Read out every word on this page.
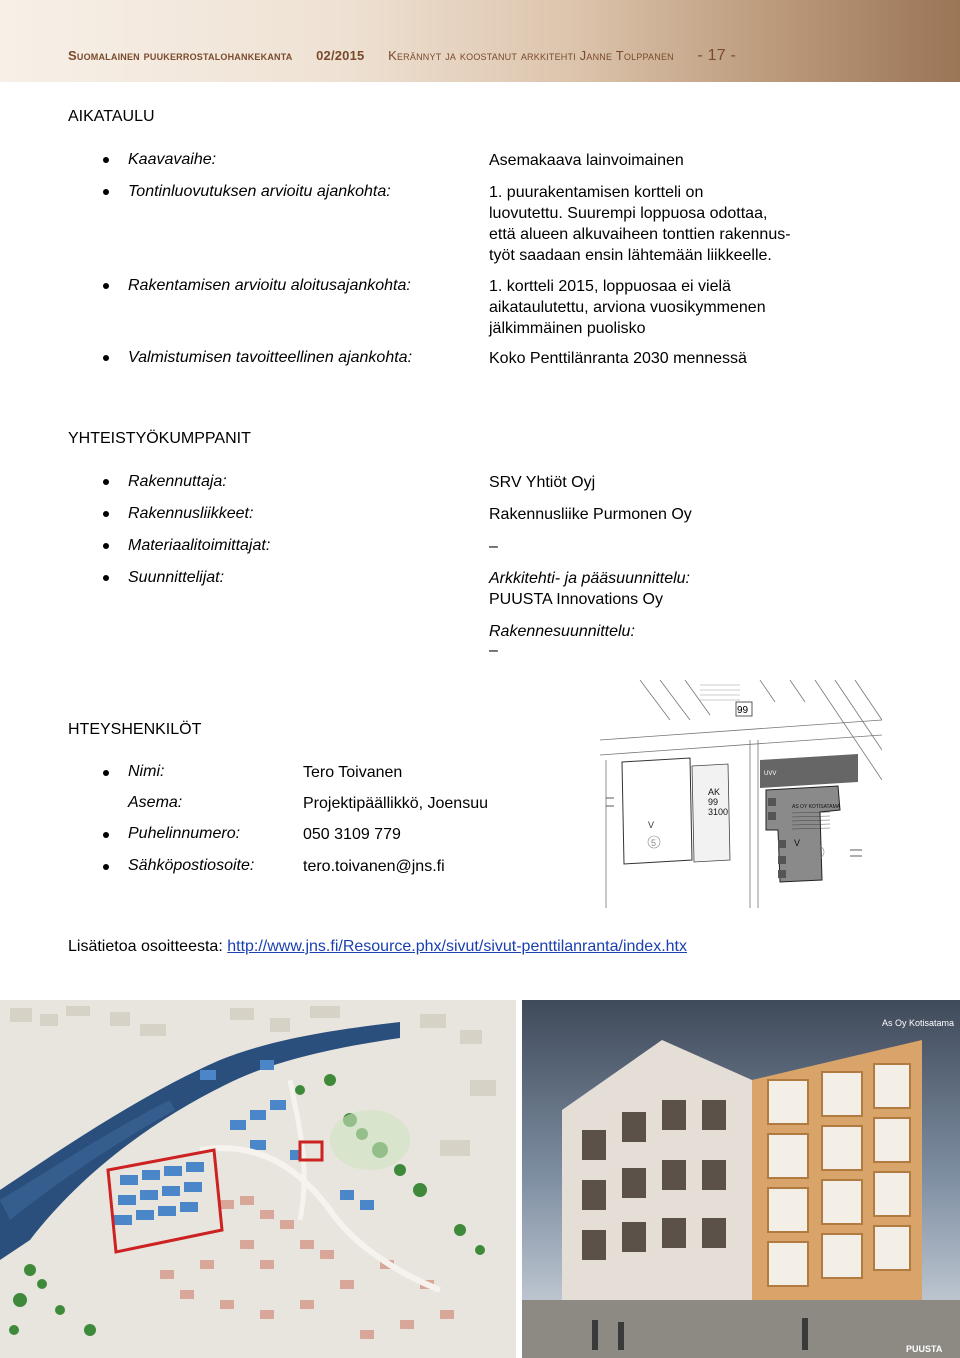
Suomalainen puukerrostalohankekanta 02/2015 Kerännyt ja koostanut arkkitehti Janne Tolppanen - 17 -
AIKATAULU
Kaavavaihe:	Asemakaava lainvoimainen
Tontinluovutuksen arvioitu ajankohta:	1. puurakentamisen kortteli on
luovutettu. Suurempi loppuosa odottaa,
että alueen alkuvaiheen tonttien rakennus-
työt saadaan ensin lähtemään liikkeelle.
Rakentamisen arvioitu aloitusajankohta:	1. kortteli 2015, loppuosaa ei vielä
aikataulutettu, arviona vuosikymmenen
jälkimmäinen puolisko
Valmistumisen tavoitteellinen ajankohta:	Koko Penttilänranta 2030 mennessä
YHTEISTYÖKUMPPANIT
Rakennuttaja:	SRV Yhtiöt Oyj
Rakennusliikkeet:	Rakennusliike Purmonen Oy
Materiaalitoimittajat:	–
Suunnittelijat:	Arkkitehti- ja pääsuunnittelu:
PUUSTA Innovations Oy
Rakennesuunnittelu:
–
HTEYSHENKILÖT
Nimi:	Tero Toivanen
Asema:	Projektipäällikkö, Joensuu
Puhelinnumero:	050 3109 779
Sähköpostiosoite:	tero.toivanen@jns.fi
99
V
5
AK
99
3100	AS OY KOTISATAMA
V
4
UVV
Lisätietoa osoitteesta: http://www.jns.fi/Resource.phx/sivut/sivut-penttilanranta/index.htx
As Oy Kotisatama
PUUSTA
